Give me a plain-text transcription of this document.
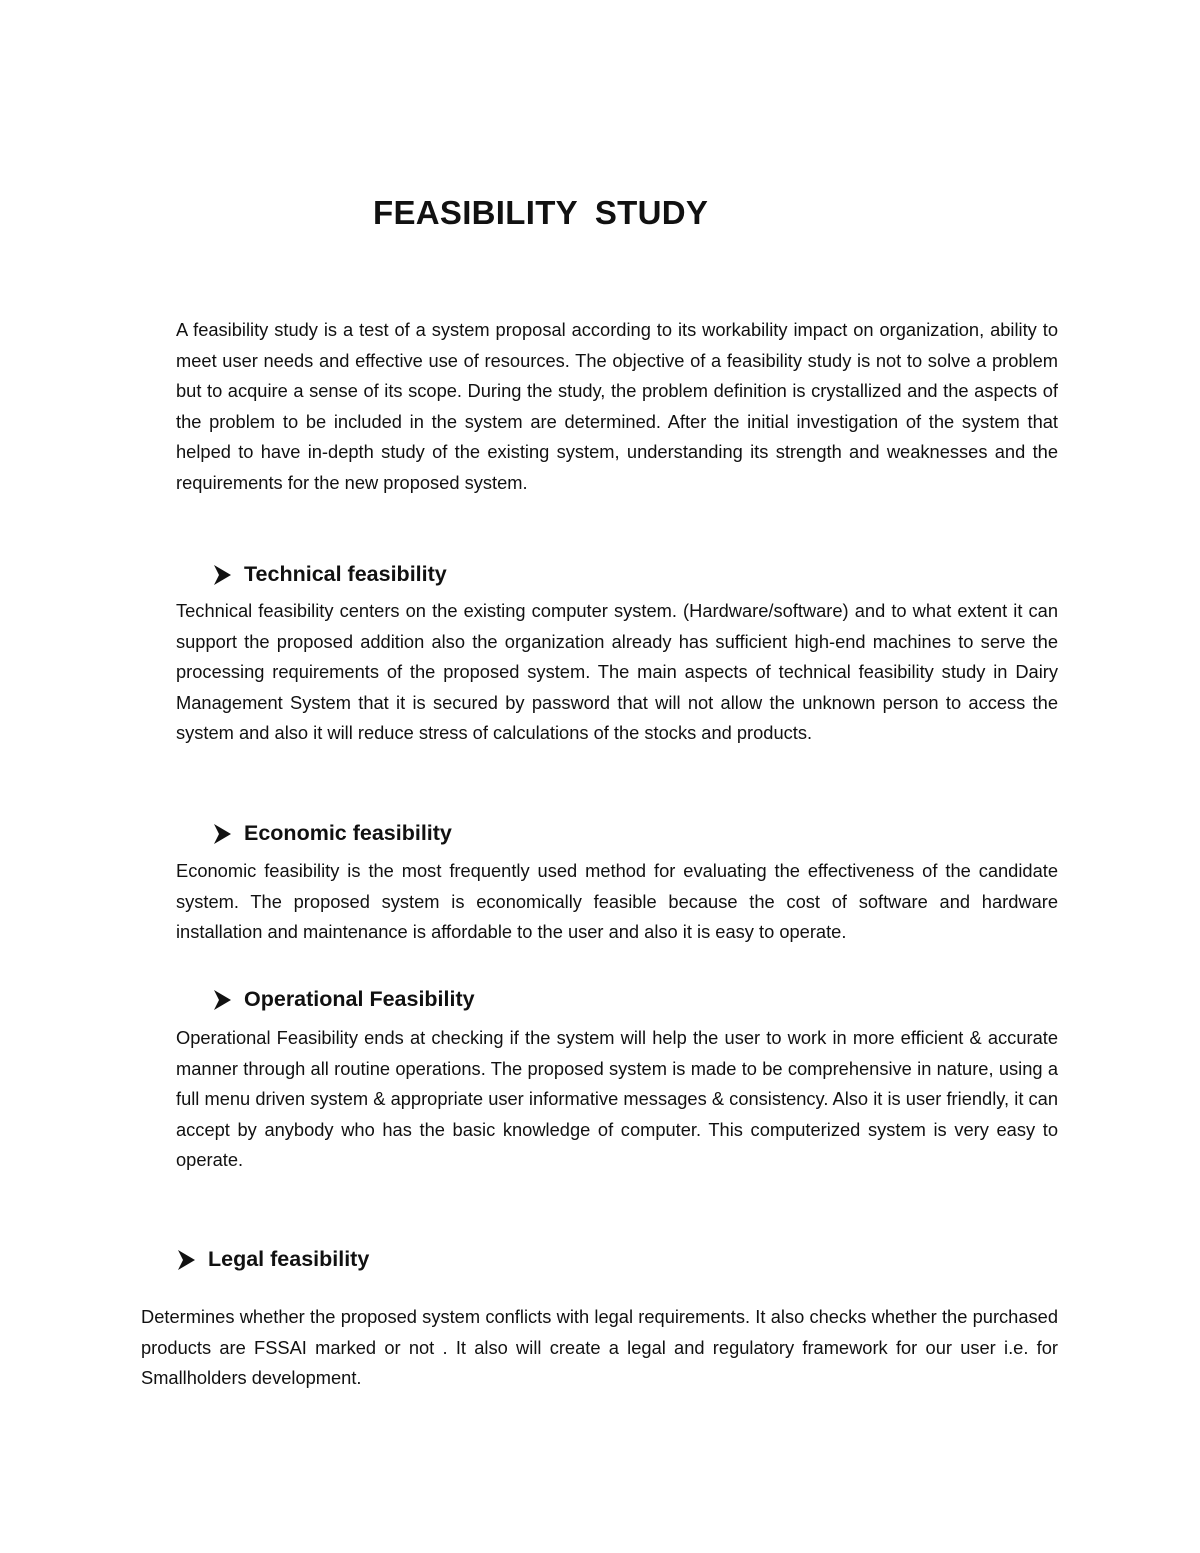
FEASIBILITY STUDY
A feasibility study is a test of a system proposal according to its workability impact on organization, ability to meet user needs and effective use of resources. The objective of a feasibility study is not to solve a problem but to acquire a sense of its scope. During the study, the problem definition is crystallized and the aspects of the problem to be included in the system are determined. After the initial investigation of the system that helped to have in-depth study of the existing system, understanding its strength and weaknesses and the requirements for the new proposed system.
Technical feasibility
Technical feasibility centers on the existing computer system. (Hardware/software) and to what extent it can support the proposed addition also the organization already has sufficient high-end machines to serve the processing requirements of the proposed system. The main aspects of technical feasibility study in Dairy Management System that it is secured by password that will not allow the unknown person to access the system and also it will reduce stress of calculations of the stocks and products.
Economic feasibility
Economic feasibility is the most frequently used method for evaluating the effectiveness of the candidate system. The proposed system is economically feasible because the cost of software and hardware installation and maintenance is affordable to the user and also it is easy to operate.
Operational Feasibility
Operational Feasibility ends at checking if the system will help the user to work in more efficient & accurate manner through all routine operations. The proposed system is made to be comprehensive in nature, using a full menu driven system & appropriate user informative messages & consistency. Also it is user friendly, it can accept by anybody who has the basic knowledge of computer. This computerized system is very easy to operate.
Legal feasibility
Determines whether the proposed system conflicts with legal requirements. It also checks whether the purchased products are FSSAI marked or not . It also will create a legal and regulatory framework for our user i.e. for Smallholders development.
